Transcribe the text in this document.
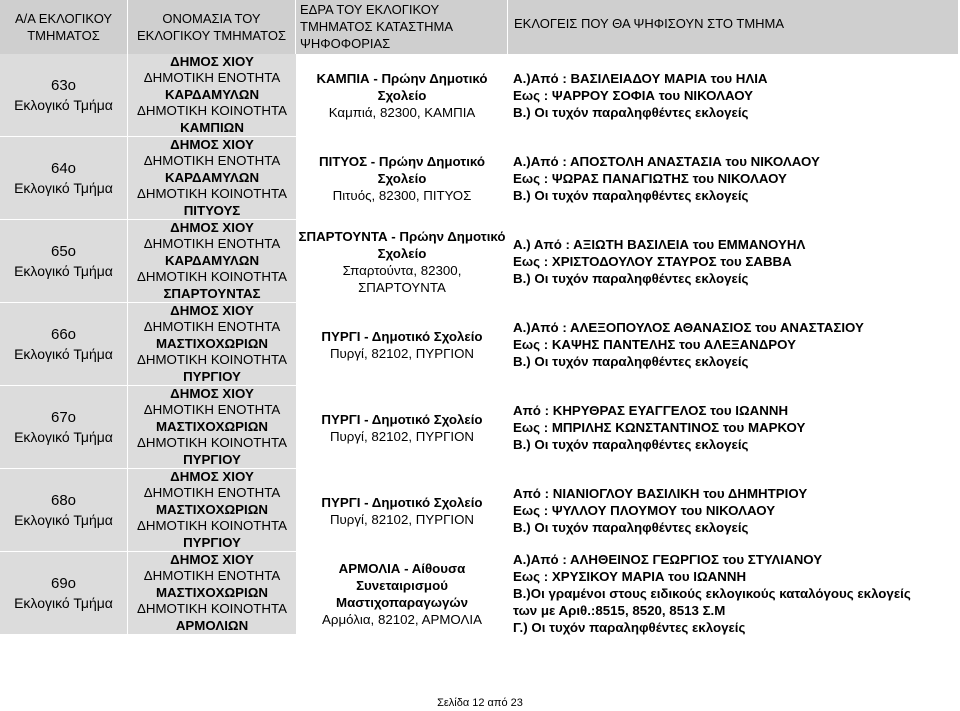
Α/Α ΕΚΛΟΓΙΚΟΥ
ΤΜΗΜΑΤΟΣ
ΟΝΟΜΑΣΙΑ ΤΟΥ
ΕΚΛΟΓΙΚΟΥ ΤΜΗΜΑΤΟΣ
ΕΔΡΑ ΤΟΥ ΕΚΛΟΓΙΚΟΥ
ΤΜΗΜΑΤΟΣ ΚΑΤΑΣΤΗΜΑ
ΨΗΦΟΦΟΡΙΑΣ
ΕΚΛΟΓΕΙΣ ΠΟΥ ΘΑ ΨΗΦΙΣΟΥΝ ΣΤΟ ΤΜΗΜΑ
63ο
Εκλογικό Τμήμα
ΔΗΜΟΣ ΧΙΟΥ
ΔΗΜΟΤΙΚΗ ΕΝΟΤΗΤΑ
ΚΑΡΔΑΜΥΛΩΝ
ΔΗΜΟΤΙΚΗ ΚΟΙΝΟΤΗΤΑ
ΚΑΜΠΙΩΝ
ΚΑΜΠΙΑ - Πρώην Δημοτικό
Σχολείο
Καμπιά, 82300, ΚΑΜΠΙΑ
Α.)Από : ΒΑΣΙΛΕΙΑΔΟΥ ΜΑΡΙΑ του ΗΛΙΑ
Εως : ΨΑΡΡΟΥ ΣΟΦΙΑ του ΝΙΚΟΛΑΟΥ
Β.) Οι τυχόν παραληφθέντες εκλογείς
64ο
Εκλογικό Τμήμα
ΔΗΜΟΣ ΧΙΟΥ
ΔΗΜΟΤΙΚΗ ΕΝΟΤΗΤΑ
ΚΑΡΔΑΜΥΛΩΝ
ΔΗΜΟΤΙΚΗ ΚΟΙΝΟΤΗΤΑ
ΠΙΤΥΟΥΣ
ΠΙΤΥΟΣ - Πρώην Δημοτικό
Σχολείο
Πιτυός, 82300, ΠΙΤΥΟΣ
Α.)Από : ΑΠΟΣΤΟΛΗ ΑΝΑΣΤΑΣΙΑ του ΝΙΚΟΛΑΟΥ
Εως : ΨΩΡΑΣ ΠΑΝΑΓΙΩΤΗΣ του ΝΙΚΟΛΑΟΥ
Β.) Οι τυχόν παραληφθέντες εκλογείς
65ο
Εκλογικό Τμήμα
ΔΗΜΟΣ ΧΙΟΥ
ΔΗΜΟΤΙΚΗ ΕΝΟΤΗΤΑ
ΚΑΡΔΑΜΥΛΩΝ
ΔΗΜΟΤΙΚΗ ΚΟΙΝΟΤΗΤΑ
ΣΠΑΡΤΟΥΝΤΑΣ
ΣΠΑΡΤΟΥΝΤΑ - Πρώην Δημοτικό
Σχολείο
Σπαρτούντα, 82300,
ΣΠΑΡΤΟΥΝΤΑ
Α.) Από : ΑΞΙΩΤΗ ΒΑΣΙΛΕΙΑ του ΕΜΜΑΝΟΥΗΛ
Εως : ΧΡΙΣΤΟΔΟΥΛΟΥ ΣΤΑΥΡΟΣ του ΣΑΒΒΑ
Β.) Οι τυχόν παραληφθέντες εκλογείς
66ο
Εκλογικό Τμήμα
ΔΗΜΟΣ ΧΙΟΥ
ΔΗΜΟΤΙΚΗ ΕΝΟΤΗΤΑ
ΜΑΣΤΙΧΟΧΩΡΙΩΝ
ΔΗΜΟΤΙΚΗ ΚΟΙΝΟΤΗΤΑ
ΠΥΡΓΙΟΥ
ΠΥΡΓΙ - Δημοτικό Σχολείο
Πυργί, 82102, ΠΥΡΓΙΟΝ
Α.)Από : ΑΛΕΞΟΠΟΥΛΟΣ ΑΘΑΝΑΣΙΟΣ του ΑΝΑΣΤΑΣΙΟΥ
Εως : ΚΑΨΗΣ ΠΑΝΤΕΛΗΣ του ΑΛΕΞΑΝΔΡΟΥ
Β.) Οι τυχόν παραληφθέντες εκλογείς
67ο
Εκλογικό Τμήμα
ΔΗΜΟΣ ΧΙΟΥ
ΔΗΜΟΤΙΚΗ ΕΝΟΤΗΤΑ
ΜΑΣΤΙΧΟΧΩΡΙΩΝ
ΔΗΜΟΤΙΚΗ ΚΟΙΝΟΤΗΤΑ
ΠΥΡΓΙΟΥ
ΠΥΡΓΙ - Δημοτικό Σχολείο
Πυργί, 82102, ΠΥΡΓΙΟΝ
Από : ΚΗΡΥΘΡΑΣ ΕΥΑΓΓΕΛΟΣ του ΙΩΑΝΝΗ
Εως : ΜΠΡΙΛΗΣ ΚΩΝΣΤΑΝΤΙΝΟΣ του ΜΑΡΚΟΥ
Β.) Οι τυχόν παραληφθέντες εκλογείς
68ο
Εκλογικό Τμήμα
ΔΗΜΟΣ ΧΙΟΥ
ΔΗΜΟΤΙΚΗ ΕΝΟΤΗΤΑ
ΜΑΣΤΙΧΟΧΩΡΙΩΝ
ΔΗΜΟΤΙΚΗ ΚΟΙΝΟΤΗΤΑ
ΠΥΡΓΙΟΥ
ΠΥΡΓΙ - Δημοτικό Σχολείο
Πυργί, 82102, ΠΥΡΓΙΟΝ
Από : ΝΙΑΝΙΟΓΛΟΥ ΒΑΣΙΛΙΚΗ του ΔΗΜΗΤΡΙΟΥ
Εως : ΨΥΛΛΟΥ ΠΛΟΥΜΟΥ του ΝΙΚΟΛΑΟΥ
Β.) Οι τυχόν παραληφθέντες εκλογείς
69ο
Εκλογικό Τμήμα
ΔΗΜΟΣ ΧΙΟΥ
ΔΗΜΟΤΙΚΗ ΕΝΟΤΗΤΑ
ΜΑΣΤΙΧΟΧΩΡΙΩΝ
ΔΗΜΟΤΙΚΗ ΚΟΙΝΟΤΗΤΑ
ΑΡΜΟΛΙΩΝ
ΑΡΜΟΛΙΑ - Αίθουσα
Συνεταιρισμού
Μαστιχοπαραγωγών
Αρμόλια, 82102, ΑΡΜΟΛΙΑ
Α.)Από : ΑΛΗΘΕΙΝΟΣ ΓΕΩΡΓΙΟΣ του ΣΤΥΛΙΑΝΟΥ
Εως : ΧΡΥΣΙΚΟΥ ΜΑΡΙΑ του ΙΩΑΝΝΗ
Β.)Οι γραμένοι στους ειδικούς εκλογικούς καταλόγους εκλογείς
των με Αριθ.:8515, 8520, 8513 Σ.Μ
Γ.) Οι τυχόν παραληφθέντες εκλογείς
Σελίδα 12 από 23
